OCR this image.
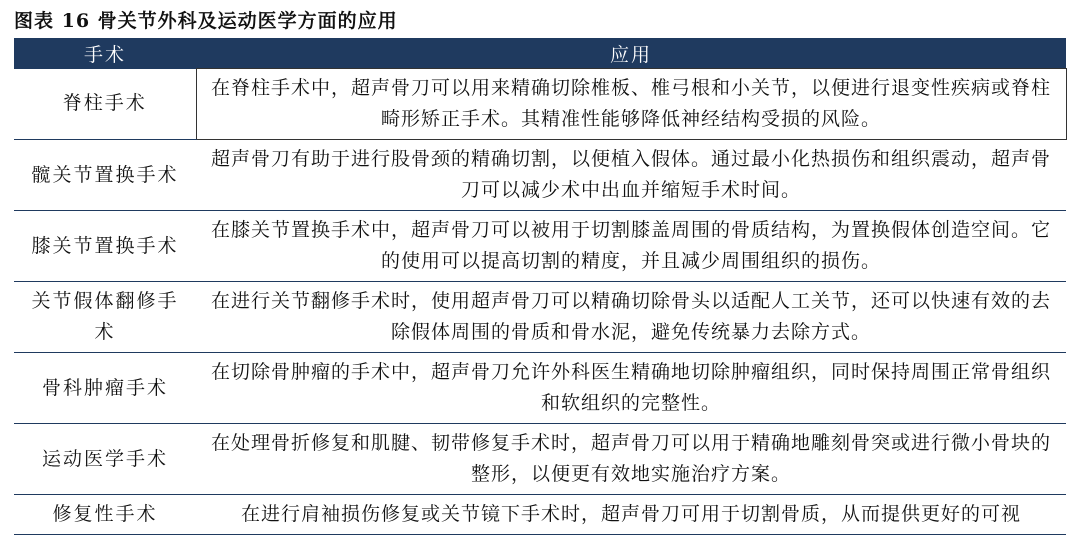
图表 16 骨关节外科及运动医学方面的应用
手术	应用
脊柱手术	在脊柱手术中，超声骨刀可以用来精确切除椎板、椎弓根和小关节，以便进行退变性疾病或脊柱畸形矫正手术。其精准性能够降低神经结构受损的风险。
髋关节置换手术	超声骨刀有助于进行股骨颈的精确切割，以便植入假体。通过最小化热损伤和组织震动，超声骨刀可以减少术中出血并缩短手术时间。
膝关节置换手术	在膝关节置换手术中，超声骨刀可以被用于切割膝盖周围的骨质结构，为置换假体创造空间。它的使用可以提高切割的精度，并且减少周围组织的损伤。
关节假体翻修手术	在进行关节翻修手术时，使用超声骨刀可以精确切除骨头以适配人工关节，还可以快速有效的去除假体周围的骨质和骨水泥，避免传统暴力去除方式。
骨科肿瘤手术	在切除骨肿瘤的手术中，超声骨刀允许外科医生精确地切除肿瘤组织，同时保持周围正常骨组织和软组织的完整性。
运动医学手术	在处理骨折修复和肌腱、韧带修复手术时，超声骨刀可以用于精确地雕刻骨突或进行微小骨块的整形，以便更有效地实施治疗方案。
修复性手术	在进行肩袖损伤修复或关节镜下手术时，超声骨刀可用于切割骨质，从而提供更好的可视
